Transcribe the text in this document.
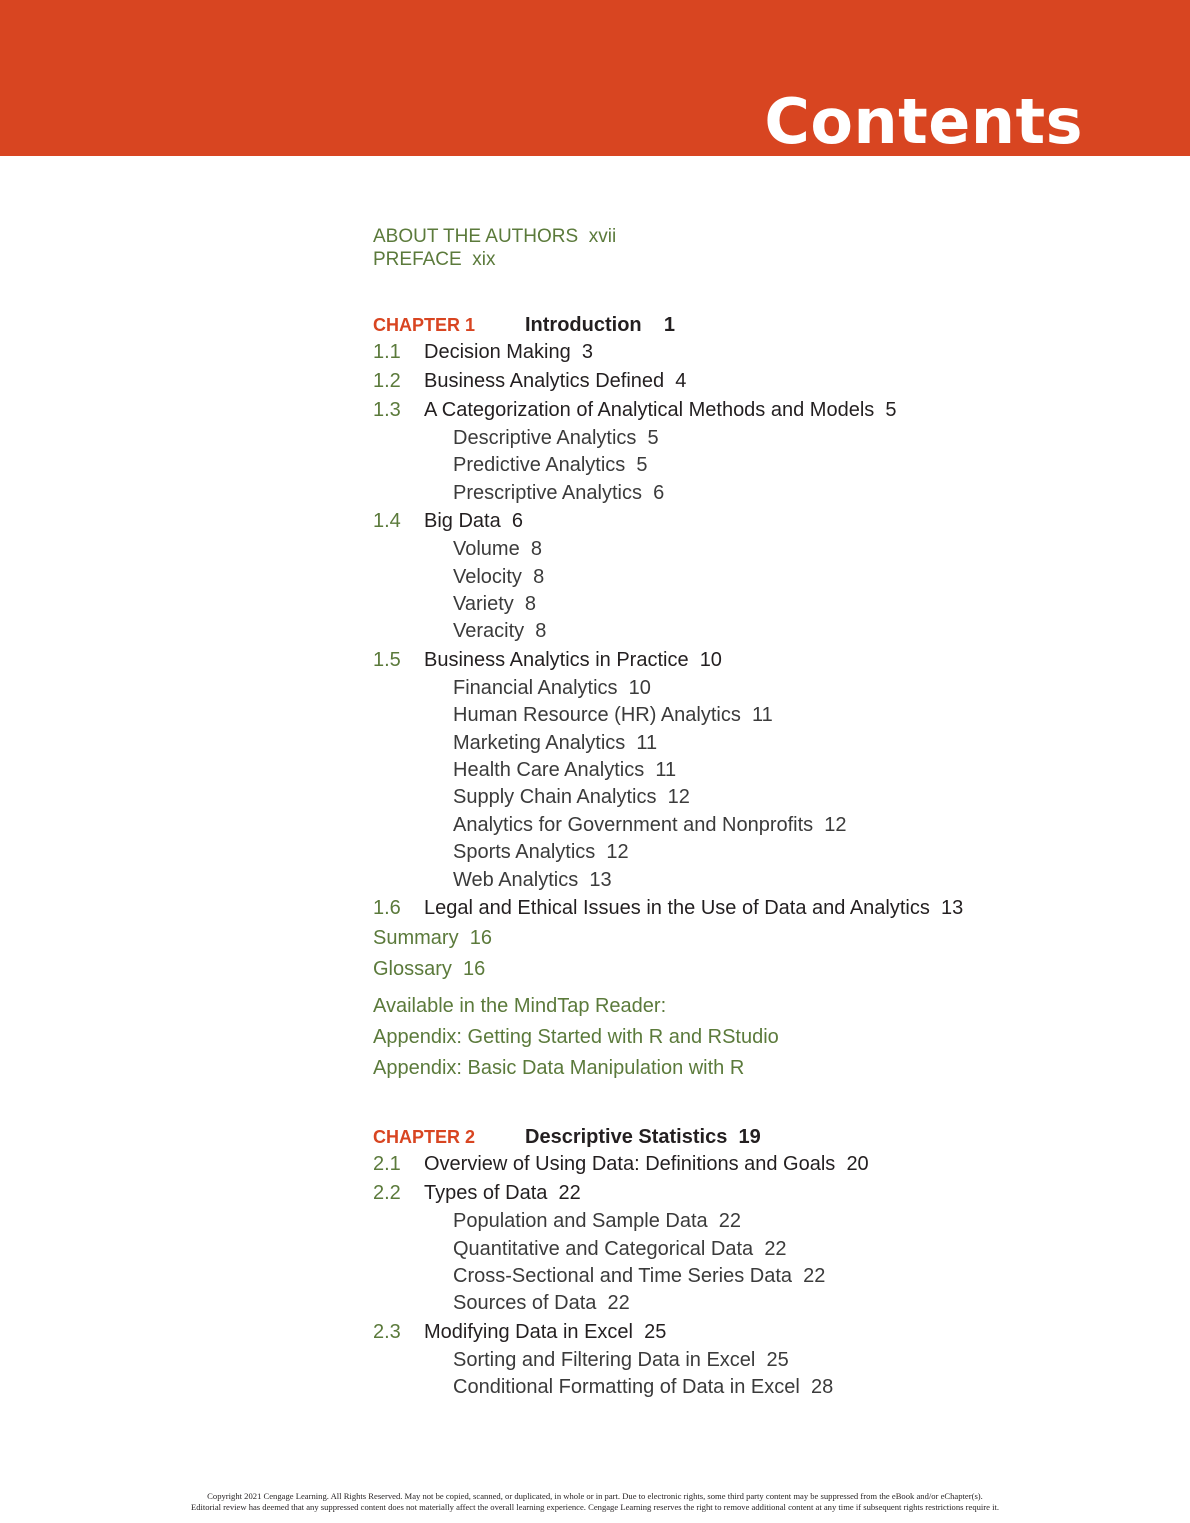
Contents
ABOUT THE AUTHORS xvii
PREFACE xix
CHAPTER 1	Introduction 1
1.1	Decision Making 3
1.2	Business Analytics Defined 4
1.3	A Categorization of Analytical Methods and Models 5
Descriptive Analytics 5
Predictive Analytics 5
Prescriptive Analytics 6
1.4	Big Data 6
Volume 8
Velocity 8
Variety 8
Veracity 8
1.5	Business Analytics in Practice 10
Financial Analytics 10
Human Resource (HR) Analytics 11
Marketing Analytics 11
Health Care Analytics 11
Supply Chain Analytics 12
Analytics for Government and Nonprofits 12
Sports Analytics 12
Web Analytics 13
1.6	Legal and Ethical Issues in the Use of Data and Analytics 13
Summary 16
Glossary 16
Available in the MindTap Reader:
Appendix: Getting Started with R and RStudio
Appendix: Basic Data Manipulation with R
CHAPTER 2	Descriptive Statistics 19
2.1	Overview of Using Data: Definitions and Goals 20
2.2	Types of Data 22
Population and Sample Data 22
Quantitative and Categorical Data 22
Cross-Sectional and Time Series Data 22
Sources of Data 22
2.3	Modifying Data in Excel 25
Sorting and Filtering Data in Excel 25
Conditional Formatting of Data in Excel 28
Copyright 2021 Cengage Learning. All Rights Reserved. May not be copied, scanned, or duplicated, in whole or in part. Due to electronic rights, some third party content may be suppressed from the eBook and/or eChapter(s).
Editorial review has deemed that any suppressed content does not materially affect the overall learning experience. Cengage Learning reserves the right to remove additional content at any time if subsequent rights restrictions require it.
